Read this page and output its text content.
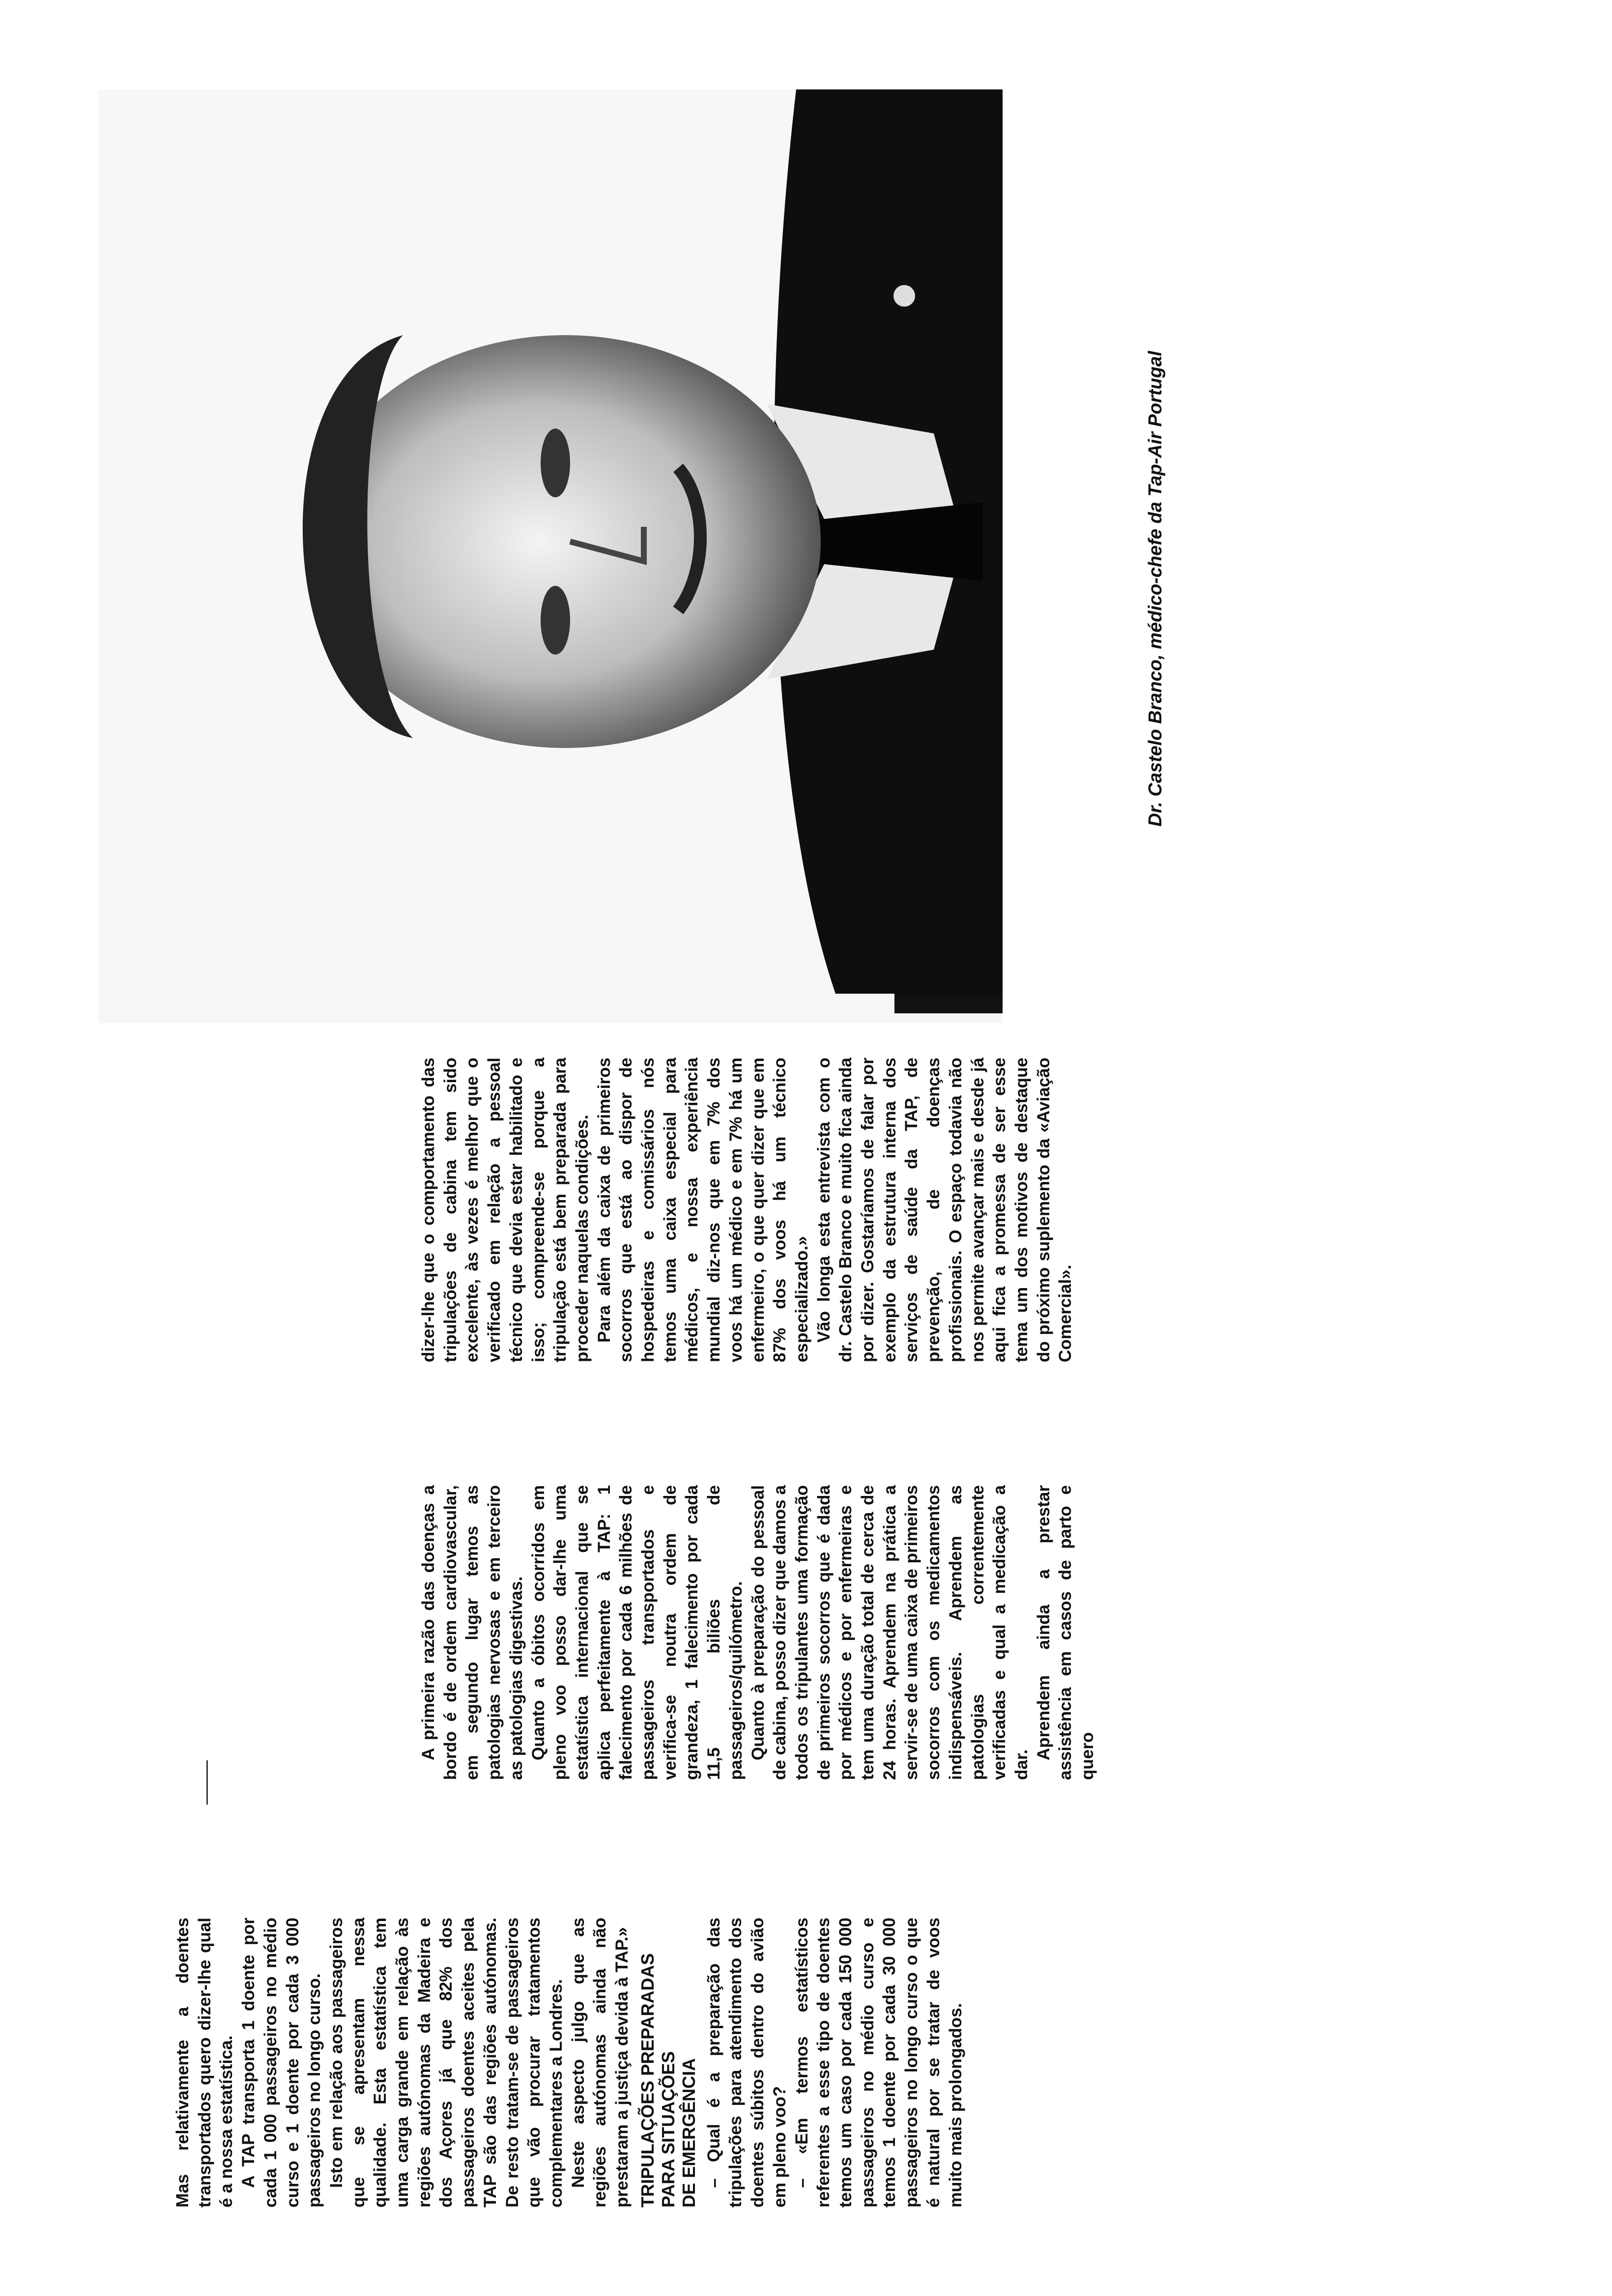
Mas relativamente a doentes transportados quero dizer-lhe qual é a nossa estatística. A TAP transporta 1 doente por cada 1 000 passageiros no médio curso e 1 doente por cada 3 000 passageiros no longo curso. Isto em relação aos passageiros que se apresentam nessa qualidade. Esta estatística tem uma carga grande em relação às regiões autónomas da Madeira e dos Açores já que 82% dos passageiros doentes aceites pela TAP são das regiões autónomas. De resto tratam-se de passageiros que vão procurar tratamentos complementares a Londres. Neste aspecto julgo que as regiões autónomas ainda não prestaram a justiça devida à TAP.» TRIPULAÇÕES PREPARADAS
PARA SITUAÇÕES
DE EMERGÊNCIA – Qual é a preparação das tripulações para atendimento dos doentes súbitos dentro do avião em pleno voo? – «Em termos estatísticos referentes a esse tipo de doentes temos um caso por cada 150 000 passageiros no médio curso e temos 1 doente por cada 30 000 passageiros no longo curso o que é natural por se tratar de voos muito mais prolongados.

A primeira razão das doenças a bordo é de ordem cardiovascular, em segundo lugar temos as patologias nervosas e em terceiro as patologias digestivas. Quanto a óbitos ocorridos em pleno voo posso dar-lhe uma estatística internacional que se aplica perfeitamente à TAP: 1 falecimento por cada 6 milhões de passageiros transportados e verifica-se noutra ordem de grandeza, 1 falecimento por cada 11,5 biliões de passageiros/quilómetro. Quanto à preparação do pessoal de cabina, posso dizer que damos a todos os tripulantes uma formação de primeiros socorros que é dada por médicos e por enfermeiras e tem uma duração total de cerca de 24 horas. Aprendem na prática a servir-se de uma caixa de primeiros socorros com os medicamentos indispensáveis. Aprendem as patologias correntemente verificadas e qual a medicação a dar.

Aprendem ainda a prestar assistência em casos de parto e quero

dizer-lhe que o comportamento das tripulações de cabina tem sido excelente, às vezes é melhor que o verificado em relação a pessoal técnico que devia estar habilitado e isso; compreende-se porque a tripulação está bem preparada para proceder naquelas condições. Para além da caixa de primeiros socorros que está ao dispor de hospedeiras e comissários nós temos uma caixa especial para médicos, e nossa experiência mundial diz-nos que em 7% dos voos há um médico e em 7% há um enfermeiro, o que quer dizer que em 87% dos voos há um técnico especializado.» Vão longa esta entrevista com o dr. Castelo Branco e muito fica ainda por dizer. Gostaríamos de falar por exemplo da estrutura interna dos serviços de saúde da TAP, de prevenção, de doenças profissionais. O espaço todavia não nos permite avançar mais e desde já aqui fica a promessa de ser esse tema um dos motivos de destaque do próximo suplemento da «Aviação Comercial».

Dr. Castelo Branco, médico-chefe da Tap-Air Portugal
